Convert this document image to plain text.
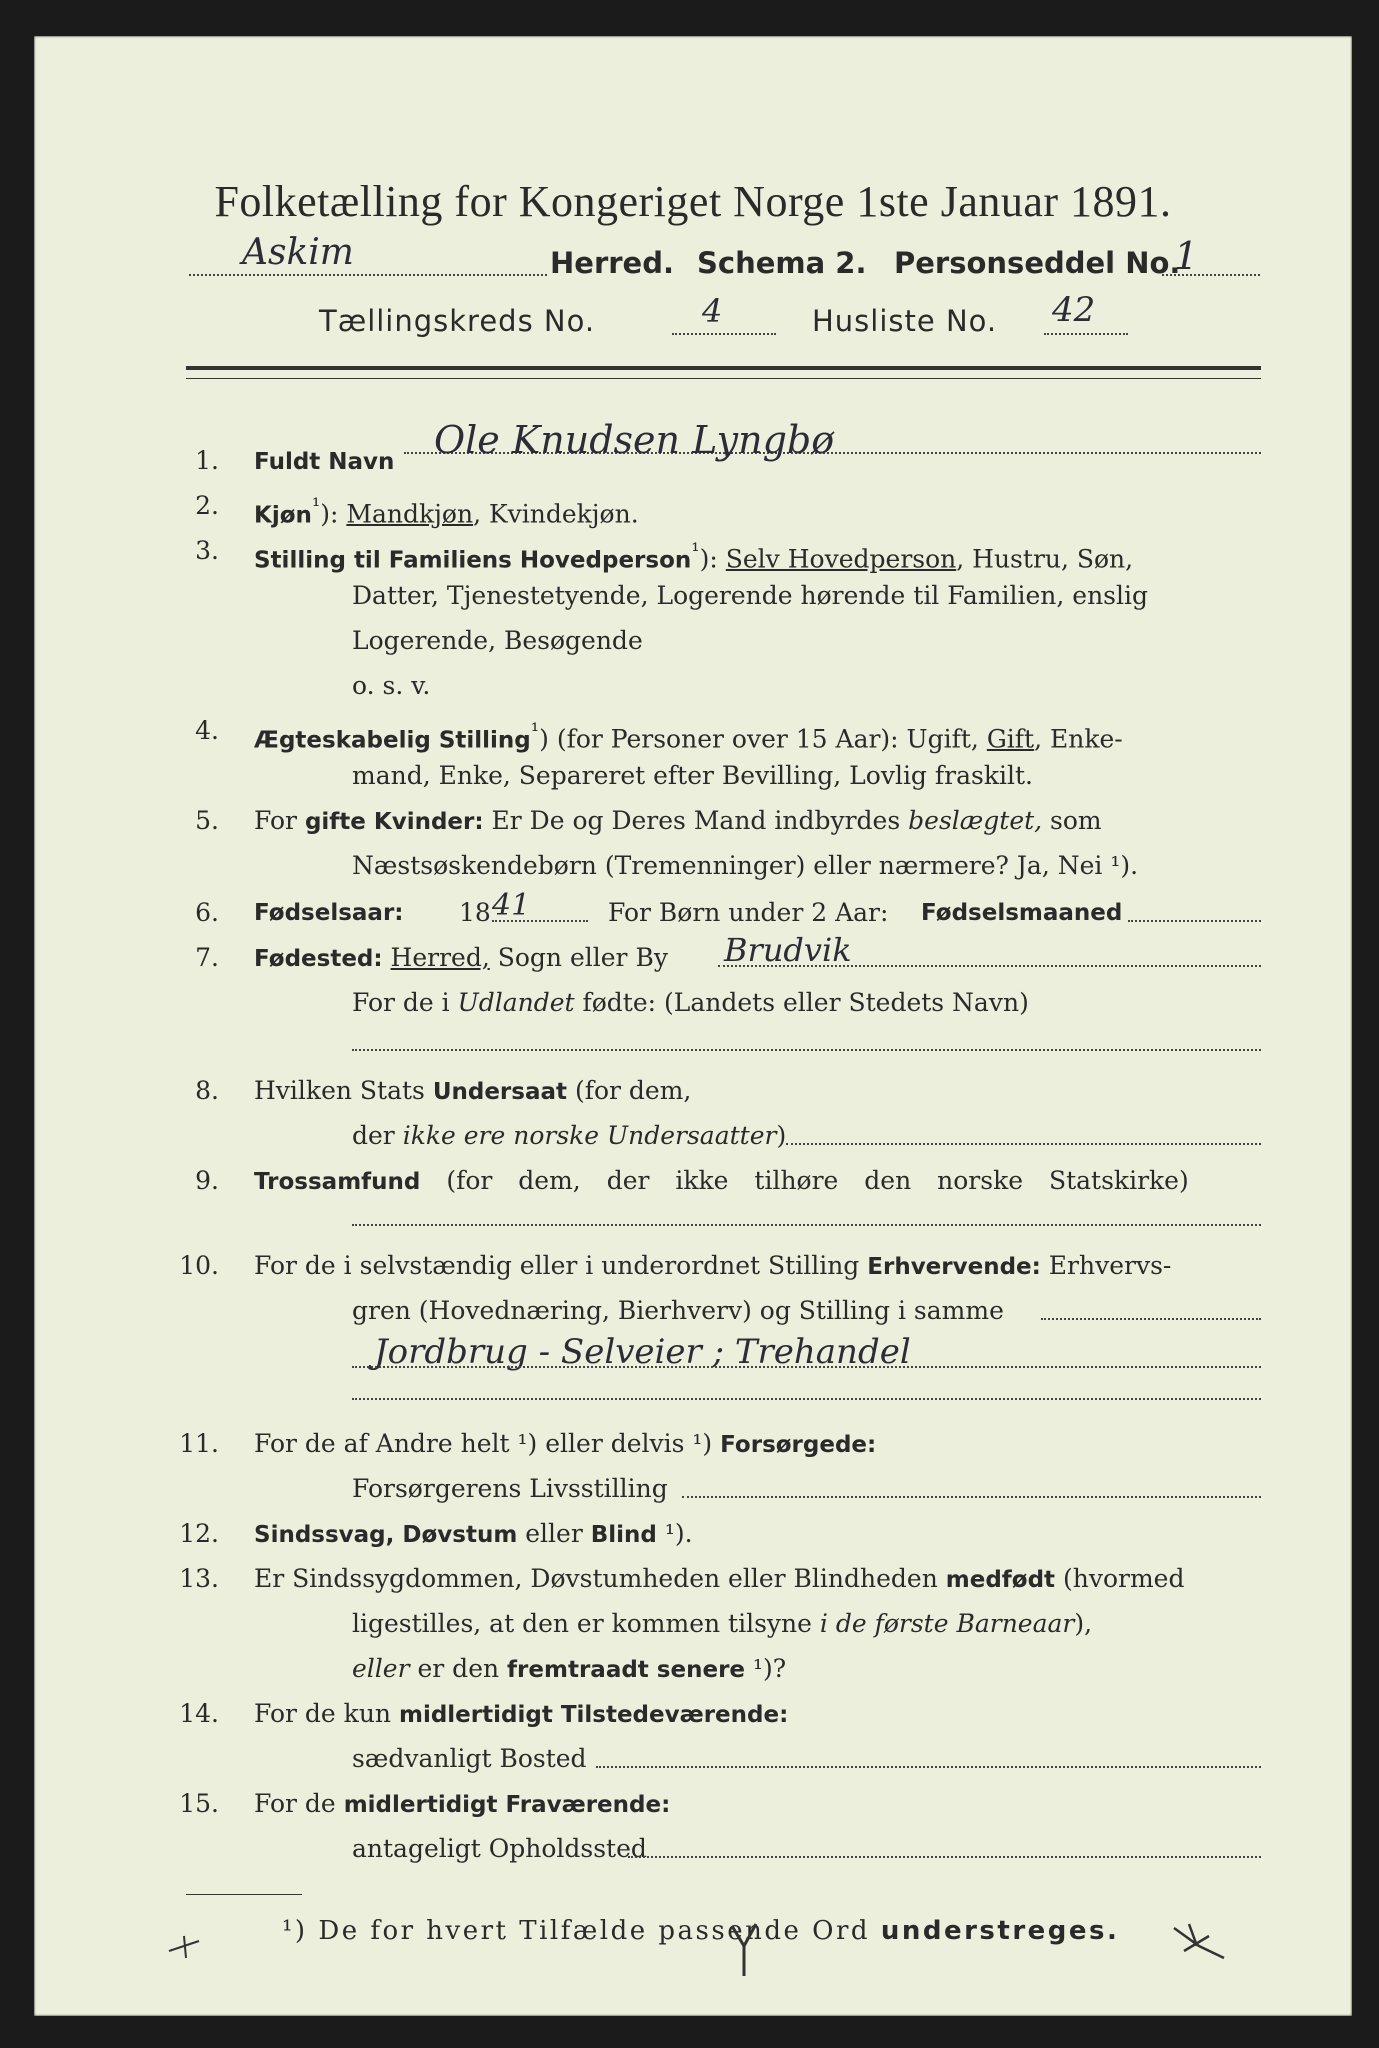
Folketælling for Kongeriget Norge 1ste Januar 1891.
Askim	Herred. Schema 2. Personseddel No.
1
Tællingskreds No.	4	Husliste No. 42
1. Fuldt Navn Ole Knudsen Lyngbø
2. Kjøn$^{^1}$): Mandkjøn, Kvindekjøn.
3. Stilling til Familiens Hovedperson$^{^1}$): Selv Hovedperson, Hustru, Søn,
Datter, Tjenestetyende, Logerende hørende til Familien, enslig
Logerende, Besøgende
o. s. v.
4. Ægteskabelig Stilling$^{^1}$) (for Personer over 15 Aar): Ugift, Gift, Enke-
mand, Enke, Separeret efter Bevilling, Lovlig fraskilt.
5. For gifte Kvinder: Er De og Deres Mand indbyrdes beslægtet, som
Næstsøskendebørn (Tremenninger) eller nærmere? Ja, Nei ¹).
6. Fødselsaar: 18 41	For Børn under 2 Aar: Fødselsmaaned
7. Fødested: Herred, Sogn eller By Brudvik
For de i Udlandet fødte: (Landets eller Stedets Navn)
8. Hvilken Stats Undersaat (for dem,
der ikke ere norske Undersaatter)
9. Trossamfund (for dem, der ikke tilhøre den norske Statskirke)
10. For de i selvstændig eller i underordnet Stilling Erhvervende: Erhvervs-
gren (Hovednæring, Bierhverv) og Stilling i samme
Jordbrug - Selveier ; Trehandel
11. For de af Andre helt ¹) eller delvis ¹) Forsørgede:
Forsørgerens Livsstilling
12. Sindssvag, Døvstum eller Blind ¹).
13. Er Sindssygdommen, Døvstumheden eller Blindheden medfødt (hvormed
ligestilles, at den er kommen tilsyne i de første Barneaar),
eller er den fremtraadt senere ¹)?
14. For de kun midlertidigt Tilstedeværende:
sædvanligt Bosted
15. For de midlertidigt Fraværende:
antageligt Opholdssted
¹) De for hvert Tilfælde passende Ord understreges.
